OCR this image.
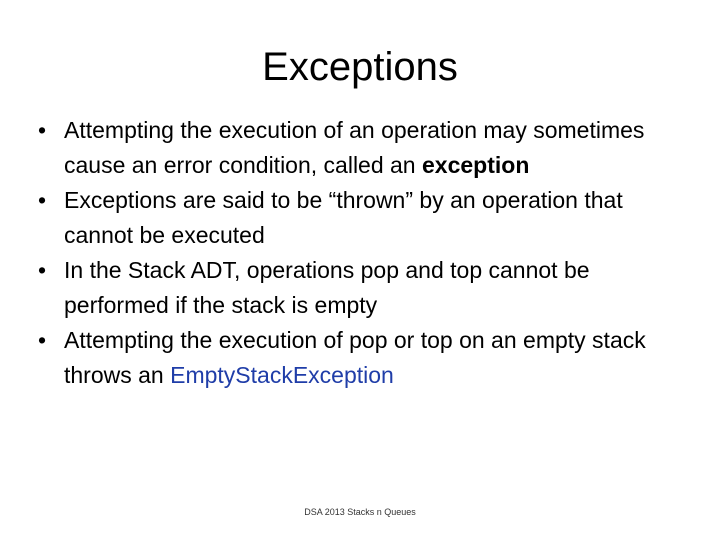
Exceptions
• Attempting the execution of an operation may sometimes cause an error condition, called an exception
• Exceptions are said to be “thrown” by an operation that cannot be executed
• In the Stack ADT, operations pop and top cannot be performed if the stack is empty
• Attempting the execution of pop or top on an empty stack throws an EmptyStackException
DSA 2013 Stacks n Queues
